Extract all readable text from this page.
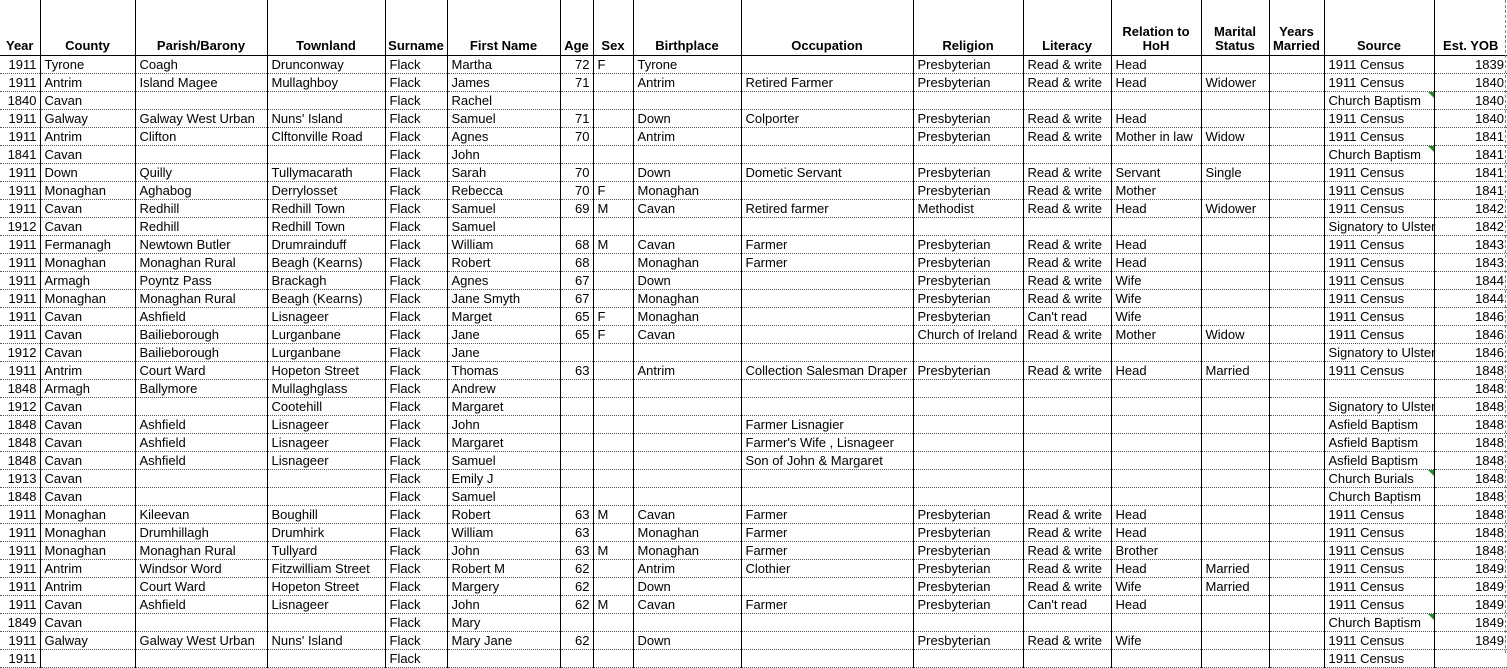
Year	County	Parish/Barony	Townland	Surname	First Name	Age	Sex	Birthplace	Occupation	Religion	Literacy	Relation to HoH	Marital Status	Years Married	Source	Est. YOB
1911	Tyrone	Coagh	Drunconway	Flack	Martha	72	F	Tyrone		Presbyterian	Read & write	Head			1911 Census	1839
1911	Antrim	Island Magee	Mullaghboy	Flack	James	71		Antrim	Retired Farmer	Presbyterian	Read & write	Head	Widower		1911 Census	1840
1840	Cavan			Flack	Rachel										Church Baptism	1840
1911	Galway	Galway West Urban	Nuns' Island	Flack	Samuel	71		Down	Colporter	Presbyterian	Read & write	Head			1911 Census	1840
1911	Antrim	Clifton	Clftonville Road	Flack	Agnes	70		Antrim		Presbyterian	Read & write	Mother in law	Widow		1911 Census	1841
1841	Cavan			Flack	John										Church Baptism	1841
1911	Down	Quilly	Tullymacarath	Flack	Sarah	70		Down	Dometic Servant	Presbyterian	Read & write	Servant	Single		1911 Census	1841
1911	Monaghan	Aghabog	Derrylosset	Flack	Rebecca	70	F	Monaghan		Presbyterian	Read & write	Mother			1911 Census	1841
1911	Cavan	Redhill	Redhill Town	Flack	Samuel	69	M	Cavan	Retired farmer	Methodist	Read & write	Head	Widower		1911 Census	1842
1912	Cavan	Redhill	Redhill Town	Flack	Samuel										Signatory to Ulster	1842
1911	Fermanagh	Newtown Butler	Drumrainduff	Flack	William	68	M	Cavan	Farmer	Presbyterian	Read & write	Head			1911 Census	1843
1911	Monaghan	Monaghan Rural	Beagh (Kearns)	Flack	Robert	68		Monaghan	Farmer	Presbyterian	Read & write	Head			1911 Census	1843
1911	Armagh	Poyntz Pass	Brackagh	Flack	Agnes	67		Down		Presbyterian	Read & write	Wife			1911 Census	1844
1911	Monaghan	Monaghan Rural	Beagh (Kearns)	Flack	Jane Smyth	67		Monaghan		Presbyterian	Read & write	Wife			1911 Census	1844
1911	Cavan	Ashfield	Lisnageer	Flack	Marget	65	F	Monaghan		Presbyterian	Can't read	Wife			1911 Census	1846
1911	Cavan	Bailieborough	Lurganbane	Flack	Jane	65	F	Cavan		Church of Ireland	Read & write	Mother	Widow		1911 Census	1846
1912	Cavan	Bailieborough	Lurganbane	Flack	Jane										Signatory to Ulster	1846
1911	Antrim	Court Ward	Hopeton Street	Flack	Thomas	63		Antrim	Collection Salesman Draper	Presbyterian	Read & write	Head	Married		1911 Census	1848
1848	Armagh	Ballymore	Mullaghglass	Flack	Andrew											1848
1912	Cavan		Cootehill	Flack	Margaret										Signatory to Ulster	1848
1848	Cavan	Ashfield	Lisnageer	Flack	John				Farmer Lisnagier						Asfield Baptism	1848
1848	Cavan	Ashfield	Lisnageer	Flack	Margaret				Farmer's Wife , Lisnageer						Asfield Baptism	1848
1848	Cavan	Ashfield	Lisnageer	Flack	Samuel				Son of John & Margaret						Asfield Baptism	1848
1913	Cavan			Flack	Emily J										Church Burials	1848
1848	Cavan			Flack	Samuel										Church Baptism	1848
1911	Monaghan	Kileevan	Boughill	Flack	Robert	63	M	Cavan	Farmer	Presbyterian	Read & write	Head			1911 Census	1848
1911	Monaghan	Drumhillagh	Drumhirk	Flack	William	63		Monaghan	Farmer	Presbyterian	Read & write	Head			1911 Census	1848
1911	Monaghan	Monaghan Rural	Tullyard	Flack	John	63	M	Monaghan	Farmer	Presbyterian	Read & write	Brother			1911 Census	1848
1911	Antrim	Windsor Word	Fitzwilliam Street	Flack	Robert M	62		Antrim	Clothier	Presbyterian	Read & write	Head	Married		1911 Census	1849
1911	Antrim	Court Ward	Hopeton Street	Flack	Margery	62		Down		Presbyterian	Read & write	Wife	Married		1911 Census	1849
1911	Cavan	Ashfield	Lisnageer	Flack	John	62	M	Cavan	Farmer	Presbyterian	Can't read	Head			1911 Census	1849
1849	Cavan			Flack	Mary										Church Baptism	1849
1911	Galway	Galway West Urban	Nuns' Island	Flack	Mary Jane	62		Down		Presbyterian	Read & write	Wife			1911 Census	1849
1911				Flack											1911 Census	
